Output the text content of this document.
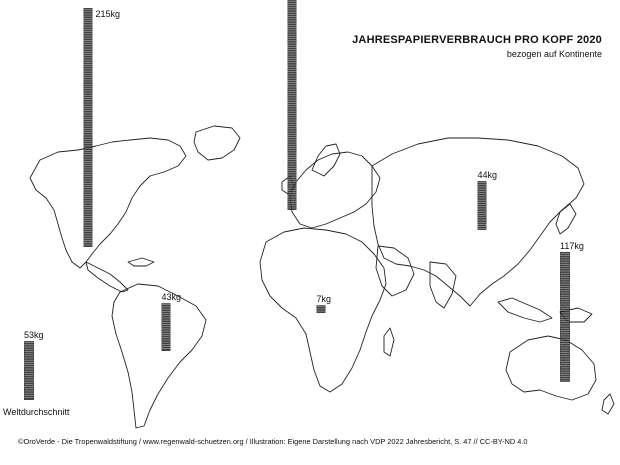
215kg
44kg
117kg
43kg	7kg
53kg
JAHRESPAPIERVERBRAUCH PRO KOPF 2020
bezogen auf Kontinente
Weltdurchschnitt
©OroVerde - Die Tropenwaldstiftung / www.regenwald-schuetzen.org / Illustration: Eigene Darstellung nach VDP 2022 Jahresbericht, S. 47 // CC-BY-ND 4.0
